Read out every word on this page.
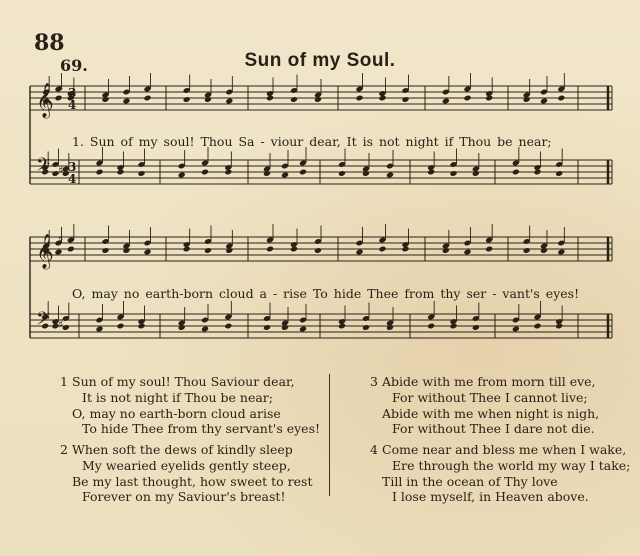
88
69.	Sun of my Soul.
𝄞 ♯ 3
4
𝄢 ♯ 3
4
𝄞 ♯
𝄢 ♯
1. Sun of my soul! Thou Sa - viour dear, It is not night if Thou be near;
O, may no earth-born cloud a - rise To hide Thee from thy ser - vant's eyes!
1 Sun of my soul! Thou Saviour dear,
It is not night if Thou be near;
O, may no earth-born cloud arise
To hide Thee from thy servant's eyes!
2 When soft the dews of kindly sleep
My wearied eyelids gently steep,
Be my last thought, how sweet to rest
Forever on my Saviour's breast!
3 Abide with me from morn till eve,
For without Thee I cannot live;
Abide with me when night is nigh,
For without Thee I dare not die.
4 Come near and bless me when I wake,
Ere through the world my way I take;
Till in the ocean of Thy love
I lose myself, in Heaven above.
